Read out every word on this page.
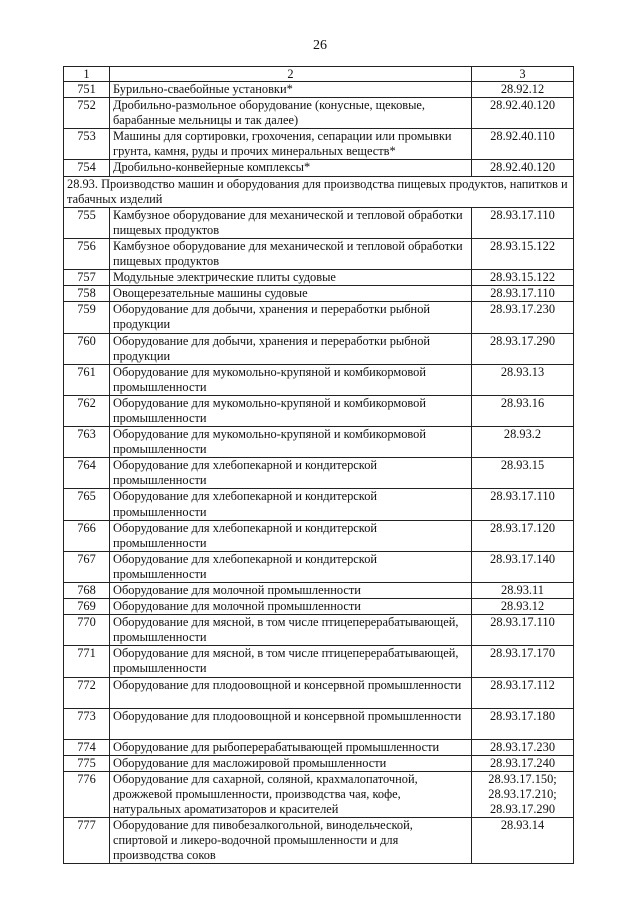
26
1	2	3
751	Бурильно-сваебойные установки*	28.92.12

752	Дробильно-размольное оборудование (конусные, щековые, барабанные мельницы и так далее)	28.92.40.120

753	Машины для сортировки, грохочения, сепарации или промывки грунта, камня, руды и прочих минеральных веществ*	28.92.40.110

754	Дробильно-конвейерные комплексы*	28.92.40.120

28.93. Производство машин и оборудования для производства пищевых продуктов, напитков и табачных изделий		
755	Камбузное оборудование для механической и тепловой обработки пищевых продуктов	28.93.17.110

756	Камбузное оборудование для механической и тепловой обработки пищевых продуктов	28.93.15.122

757	Модульные электрические плиты судовые	28.93.15.122

758	Овощерезательные машины судовые	28.93.17.110

759	Оборудование для добычи, хранения и переработки рыбной продукции	28.93.17.230

760	Оборудование для добычи, хранения и переработки рыбной продукции	28.93.17.290

761	Оборудование для мукомольно-крупяной и комбикормовой промышленности	28.93.13

762	Оборудование для мукомольно-крупяной и комбикормовой промышленности	28.93.16

763	Оборудование для мукомольно-крупяной и комбикормовой промышленности	28.93.2

764	Оборудование для хлебопекарной и кондитерской промышленности	28.93.15

765	Оборудование для хлебопекарной и кондитерской промышленности	28.93.17.110

766	Оборудование для хлебопекарной и кондитерской промышленности	28.93.17.120

767	Оборудование для хлебопекарной и кондитерской промышленности	28.93.17.140

768	Оборудование для молочной промышленности	28.93.11

769	Оборудование для молочной промышленности	28.93.12

770	Оборудование для мясной, в том числе птицеперерабатывающей, промышленности	28.93.17.110

771	Оборудование для мясной, в том числе птицеперерабатывающей, промышленности	28.93.17.170

772	Оборудование для плодоовощной и консервной промышленности	28.93.17.112

773	Оборудование для плодоовощной и консервной промышленности	28.93.17.180

774	Оборудование для рыбоперерабатывающей промышленности	28.93.17.230

775	Оборудование для масложировой промышленности	28.93.17.240

776	Оборудование для сахарной, соляной, крахмалопаточной, дрожжевой промышленности, производства чая, кофе, натуральных ароматизаторов и красителей	28.93.17.150;
28.93.17.210;
28.93.17.290

777	Оборудование для пивобезалкогольной, винодельческой, спиртовой и ликеро-водочной промышленности и для производства соков	28.93.14
